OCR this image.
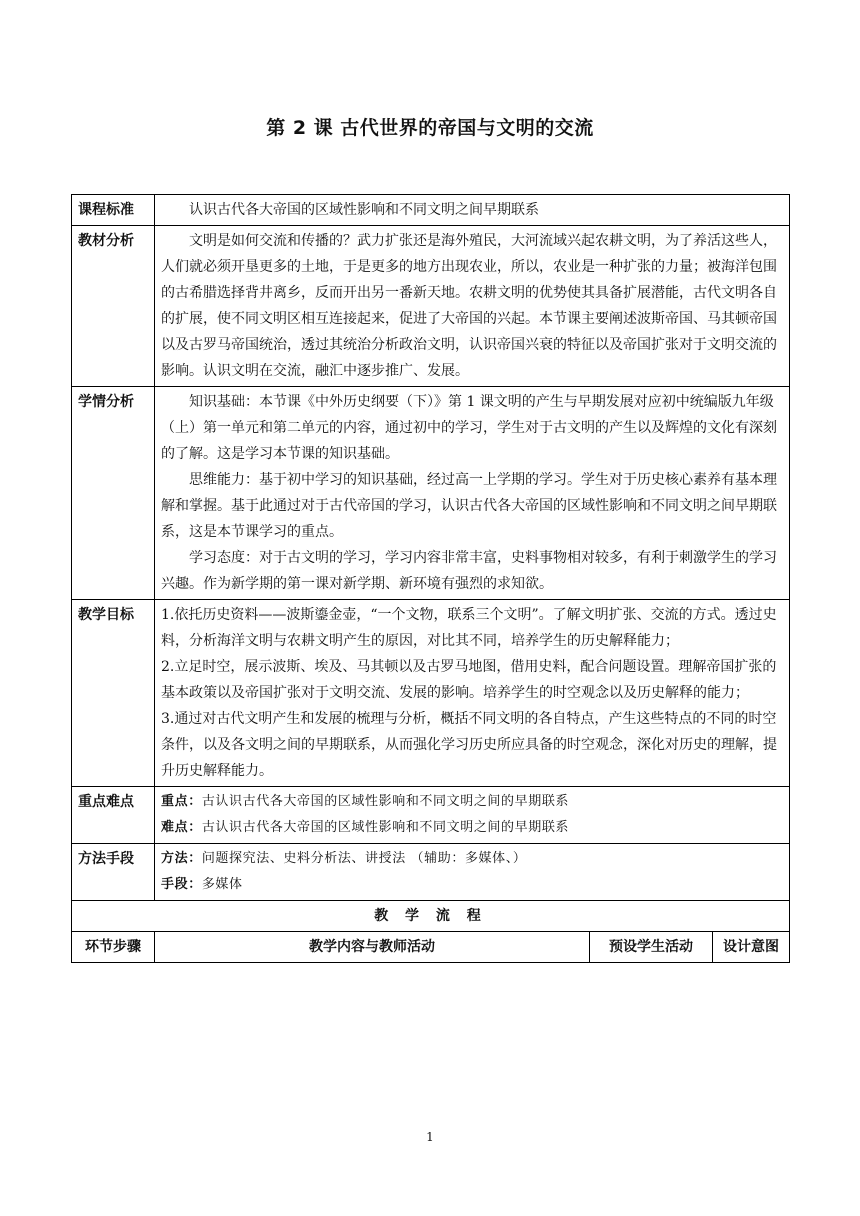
第 2 课 古代世界的帝国与文明的交流
课程标准	认识古代各大帝国的区域性影响和不同文明之间早期联系		

教材分析	文明是如何交流和传播的？武力扩张还是海外殖民，大河流域兴起农耕文明，为了养活这些人，人们就必须开垦更多的土地，于是更多的地方出现农业，所以，农业是一种扩张的力量；被海洋包围的古希腊选择背井离乡，反而开出另一番新天地。农耕文明的优势使其具备扩展潜能，古代文明各自的扩展，使不同文明区相互连接起来，促进了大帝国的兴起。本节课主要阐述波斯帝国、马其顿帝国以及古罗马帝国统治，透过其统治分析政治文明，认识帝国兴衰的特征以及帝国扩张对于文明交流的影响。认识文明在交流，融汇中逐步推广、发展。		

学情分析	知识基础：本节课《中外历史纲要（下）》第 1 课文明的产生与早期发展对应初中统编版九年级（上）第一单元和第二单元的内容，通过初中的学习，学生对于古文明的产生以及辉煌的文化有深刻的了解。这是学习本节课的知识基础。

思维能力：基于初中学习的知识基础，经过高一上学期的学习。学生对于历史核心素养有基本理解和掌握。基于此通过对于古代帝国的学习，认识古代各大帝国的区域性影响和不同文明之间早期联系，这是本节课学习的重点。

学习态度：对于古文明的学习，学习内容非常丰富，史料事物相对较多，有利于刺激学生的学习兴趣。作为新学期的第一课对新学期、新环境有强烈的求知欲。		

教学目标	1.依托历史资料——波斯鎏金壶，“一个文物，联系三个文明”。了解文明扩张、交流的方式。透过史料，分析海洋文明与农耕文明产生的原因，对比其不同，培养学生的历史解释能力；

2.立足时空，展示波斯、埃及、马其顿以及古罗马地图，借用史料，配合问题设置。理解帝国扩张的基本政策以及帝国扩张对于文明交流、发展的影响。培养学生的时空观念以及历史解释的能力；

3.通过对古代文明产生和发展的梳理与分析，概括不同文明的各自特点，产生这些特点的不同的时空条件，以及各文明之间的早期联系，从而强化学习历史所应具备的时空观念，深化对历史的理解，提升历史解释能力。		

重点难点	重点：古认识古代各大帝国的区域性影响和不同文明之间的早期联系

难点：古认识古代各大帝国的区域性影响和不同文明之间的早期联系		

方法手段	方法：问题探究法、史料分析法、讲授法 （辅助：多媒体、）

手段：多媒体		

教 学 流 程			
环节步骤	教学内容与教师活动	预设学生活动	设计意图
1
